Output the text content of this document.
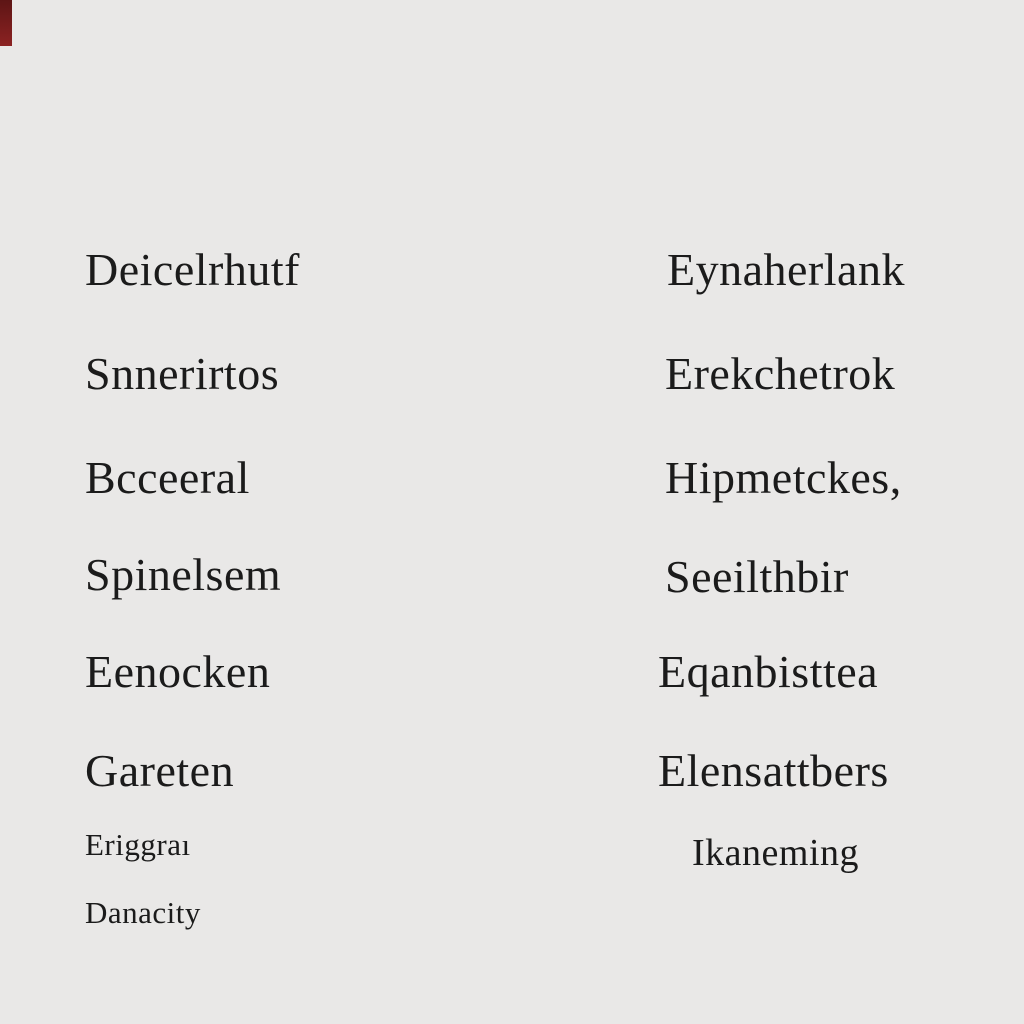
Deicelrhutf
Snnerirtos
Bcceeral
Spinelsem
Eenocken
Gareten
Eriggraı
Danacity
Eynaherlank
Erekchetrok
Hipmetckes,
Seeilthbir
Eqanbisttea
Elensattbers
Ikaneming
